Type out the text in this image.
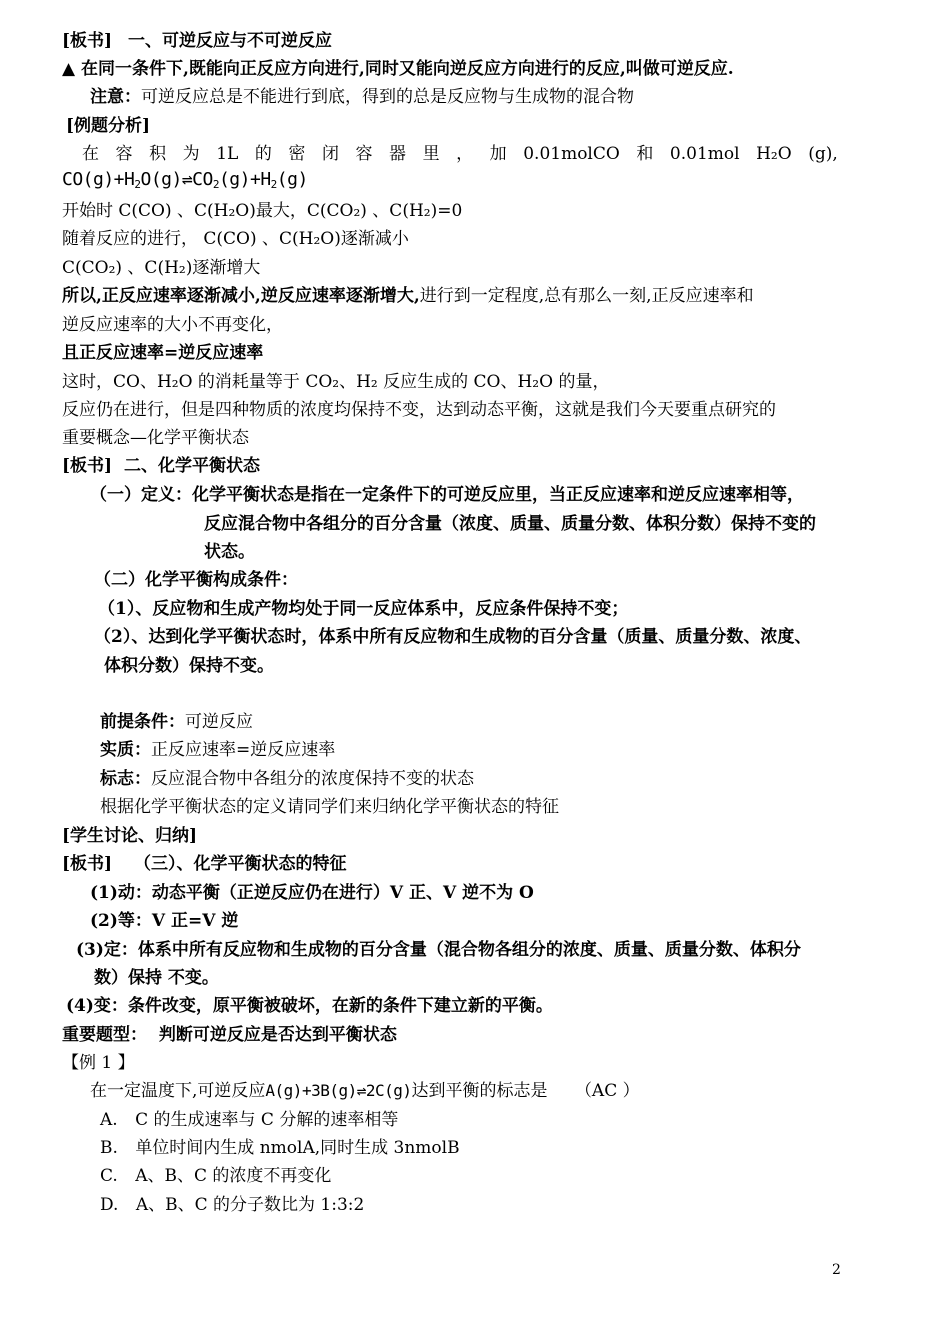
[板书] 一、可逆反应与不可逆反应
▲ 在同一条件下,既能向正反应方向进行,同时又能向逆反应方向进行的反应,叫做可逆反应.
注意：可逆反应总是不能进行到底，得到的总是反应物与生成物的混合物
[例题分析]
在 容 积 为 1L 的 密 闭 容 器 里 ， 加 0.01molCO 和 0.01mol H₂O (g),
$CO(g)+H_2O(g)\rightleftharpoons CO_2(g)+H_2(g)$
开始时 C(CO) 、C(H₂O)最大，C(CO₂) 、C(H₂)=0
随着反应的进行， C(CO) 、C(H₂O)逐渐减小
C(CO₂) 、C(H₂)逐渐增大
所以,正反应速率逐渐减小,逆反应速率逐渐增大,进行到一定程度,总有那么一刻,正反应速率和
逆反应速率的大小不再变化，
且正反应速率=逆反应速率
这时，CO、H₂O 的消耗量等于 CO₂、H₂ 反应生成的 CO、H₂O 的量，
反应仍在进行，但是四种物质的浓度均保持不变，达到动态平衡，这就是我们今天要重点研究的
重要概念—化学平衡状态
[板书] 二、化学平衡状态
（一）定义：化学平衡状态是指在一定条件下的可逆反应里，当正反应速率和逆反应速率相等，
反应混合物中各组分的百分含量（浓度、质量、质量分数、体积分数）保持不变的
状态。
（二）化学平衡构成条件：
（1）、反应物和生成产物均处于同一反应体系中，反应条件保持不变；
（2）、达到化学平衡状态时，体系中所有反应物和生成物的百分含量（质量、质量分数、浓度、
体积分数）保持不变。
前提条件：可逆反应
实质：正反应速率=逆反应速率
标志：反应混合物中各组分的浓度保持不变的状态
根据化学平衡状态的定义请同学们来归纳化学平衡状态的特征
[学生讨论、归纳]
[板书] （三）、化学平衡状态的特征
(1)动：动态平衡（正逆反应仍在进行）V 正、V 逆不为 O
(2)等：V 正=V 逆
(3)定：体系中所有反应物和生成物的百分含量（混合物各组分的浓度、质量、质量分数、体积分
数）保持 不变。
(4)变：条件改变，原平衡被破坏，在新的条件下建立新的平衡。
重要题型： 判断可逆反应是否达到平衡状态
【例 1 】
在一定温度下,可逆反应A(g)+3B(g)⇌2C(g)达到平衡的标志是 （AC ）
A. C 的生成速率与 C 分解的速率相等
B. 单位时间内生成 nmolA,同时生成 3nmolB
C. A、B、C 的浓度不再变化
D. A、B、C 的分子数比为 1:3:2
2
